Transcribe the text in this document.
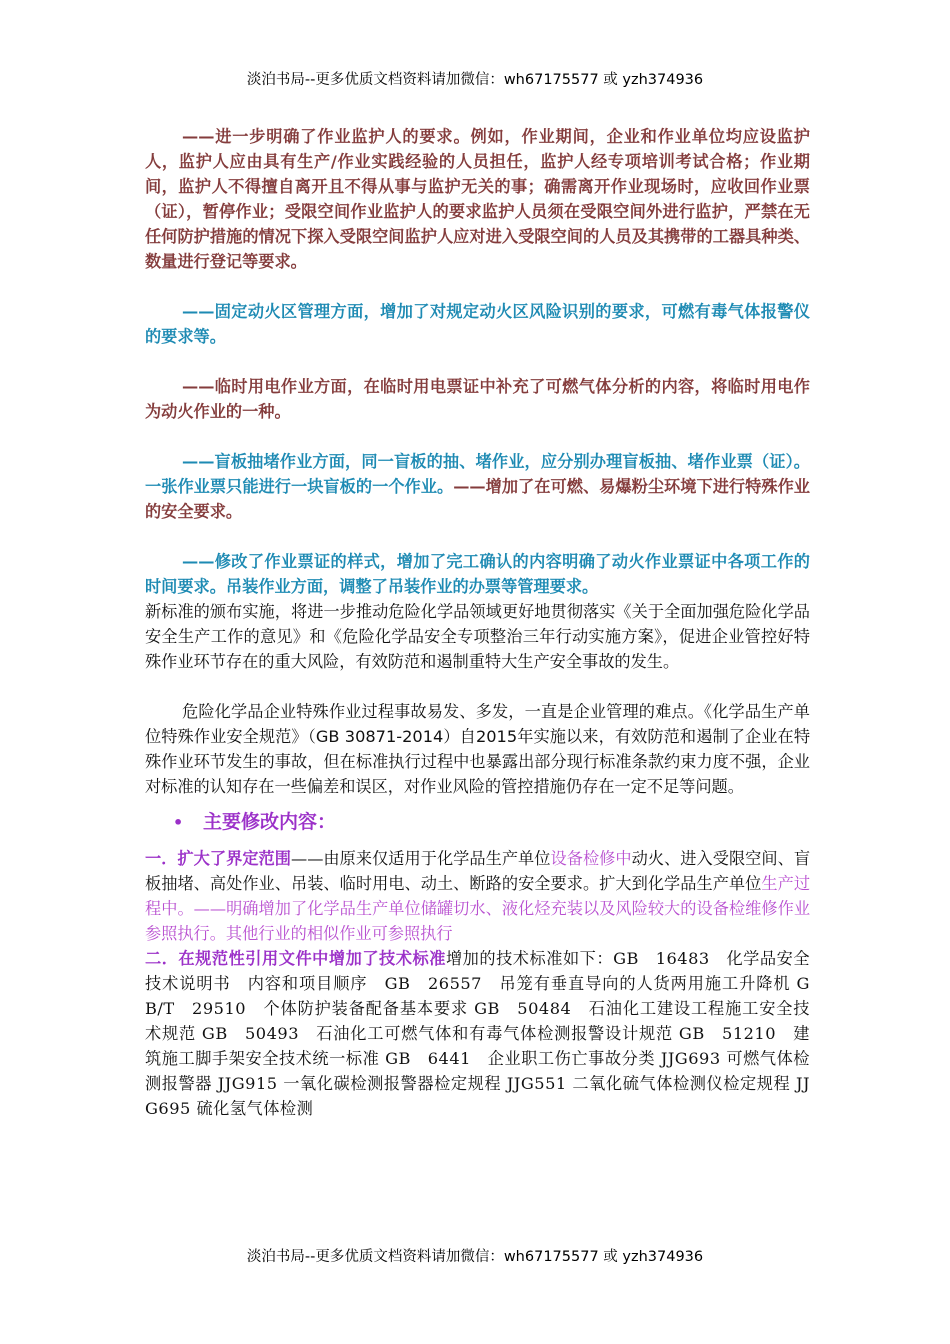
淡泊书局--更多优质文档资料请加微信：wh67175577 或 yzh374936

——进一步明确了作业监护人的要求。例如，作业期间，企业和作业单位均应设监护人，监护人应由具有生产/作业实践经验的人员担任，监护人经专项培训考试合格；作业期间，监护人不得擅自离开且不得从事与监护无关的事；确需离开作业现场时，应收回作业票（证），暂停作业；受限空间作业监护人的要求监护人员须在受限空间外进行监护，严禁在无任何防护措施的情况下探入受限空间监护人应对进入受限空间的人员及其携带的工器具种类、数量进行登记等要求。

——固定动火区管理方面，增加了对规定动火区风险识别的要求，可燃有毒气体报警仪的要求等。

——临时用电作业方面，在临时用电票证中补充了可燃气体分析的内容，将临时用电作为动火作业的一种。

——盲板抽堵作业方面，同一盲板的抽、堵作业，应分别办理盲板抽、堵作业票（证）。一张作业票只能进行一块盲板的一个作业。——增加了在可燃、易爆粉尘环境下进行特殊作业的安全要求。

——修改了作业票证的样式，增加了完工确认的内容明确了动火作业票证中各项工作的时间要求。吊装作业方面，调整了吊装作业的办票等管理要求。

新标准的颁布实施，将进一步推动危险化学品领域更好地贯彻落实《关于全面加强危险化学品安全生产工作的意见》和《危险化学品安全专项整治三年行动实施方案》，促进企业管控好特殊作业环节存在的重大风险，有效防范和遏制重特大生产安全事故的发生。

危险化学品企业特殊作业过程事故易发、多发，一直是企业管理的难点。《化学品生产单位特殊作业安全规范》（GB 30871-2014）自2015年实施以来，有效防范和遏制了企业在特殊作业环节发生的事故，但在标准执行过程中也暴露出部分现行标准条款约束力度不强，企业对标准的认知存在一些偏差和误区，对作业风险的管控措施仍存在一定不足等问题。

• 主要修改内容：

一．扩大了界定范围——由原来仅适用于化学品生产单位设备检修中动火、进入受限空间、盲板抽堵、高处作业、吊装、临时用电、动土、断路的安全要求。扩大到化学品生产单位生产过程中。——明确增加了化学品生产单位储罐切水、液化烃充装以及风险较大的设备检维修作业参照执行。其他行业的相似作业可参照执行

二．在规范性引用文件中增加了技术标准增加的技术标准如下：GB　16483　化学品安全技术说明书　内容和项目顺序　GB　26557　吊笼有垂直导向的人货两用施工升降机 GB/T　29510　个体防护装备配备基本要求 GB　50484　石油化工建设工程施工安全技术规范 GB　50493　石油化工可燃气体和有毒气体检测报警设计规范 GB　51210　建筑施工脚手架安全技术统一标准 GB　6441　企业职工伤亡事故分类 JJG693 可燃气体检测报警器 JJG915 一氧化碳检测报警器检定规程 JJG551 二氧化硫气体检测仪检定规程 JJG695 硫化氢气体检测

淡泊书局--更多优质文档资料请加微信：wh67175577 或 yzh374936
